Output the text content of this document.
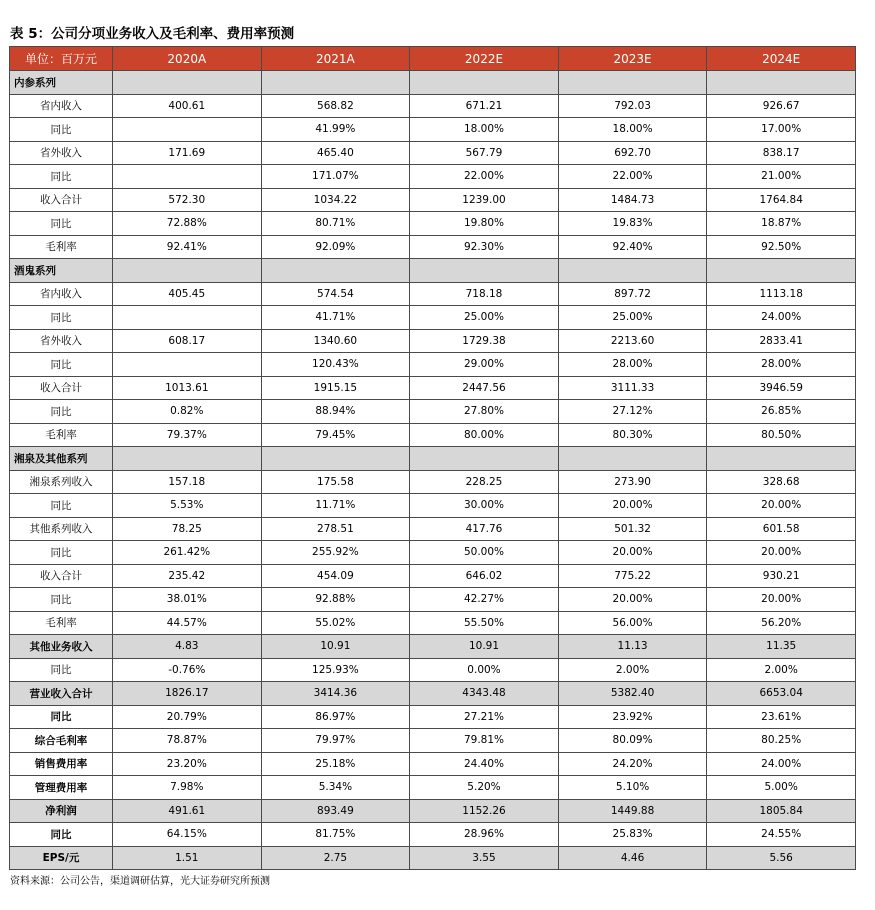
表 5：公司分项业务收入及毛利率、费用率预测
单位：百万元	2020A	2021A	2022E	2023E	2024E
内参系列					
省内收入	400.61	568.82	671.21	792.03	926.67
同比		41.99%	18.00%	18.00%	17.00%
省外收入	171.69	465.40	567.79	692.70	838.17
同比		171.07%	22.00%	22.00%	21.00%
收入合计	572.30	1034.22	1239.00	1484.73	1764.84
同比	72.88%	80.71%	19.80%	19.83%	18.87%
毛利率	92.41%	92.09%	92.30%	92.40%	92.50%
酒鬼系列					
省内收入	405.45	574.54	718.18	897.72	1113.18
同比		41.71%	25.00%	25.00%	24.00%
省外收入	608.17	1340.60	1729.38	2213.60	2833.41
同比		120.43%	29.00%	28.00%	28.00%
收入合计	1013.61	1915.15	2447.56	3111.33	3946.59
同比	0.82%	88.94%	27.80%	27.12%	26.85%
毛利率	79.37%	79.45%	80.00%	80.30%	80.50%
湘泉及其他系列					
湘泉系列收入	157.18	175.58	228.25	273.90	328.68
同比	5.53%	11.71%	30.00%	20.00%	20.00%
其他系列收入	78.25	278.51	417.76	501.32	601.58
同比	261.42%	255.92%	50.00%	20.00%	20.00%
收入合计	235.42	454.09	646.02	775.22	930.21
同比	38.01%	92.88%	42.27%	20.00%	20.00%
毛利率	44.57%	55.02%	55.50%	56.00%	56.20%
其他业务收入	4.83	10.91	10.91	11.13	11.35
同比	-0.76%	125.93%	0.00%	2.00%	2.00%
营业收入合计	1826.17	3414.36	4343.48	5382.40	6653.04
同比	20.79%	86.97%	27.21%	23.92%	23.61%
综合毛利率	78.87%	79.97%	79.81%	80.09%	80.25%
销售费用率	23.20%	25.18%	24.40%	24.20%	24.00%
管理费用率	7.98%	5.34%	5.20%	5.10%	5.00%
净利润	491.61	893.49	1152.26	1449.88	1805.84
同比	64.15%	81.75%	28.96%	25.83%	24.55%
EPS/元	1.51	2.75	3.55	4.46	5.56
资料来源：公司公告，渠道调研估算，光大证券研究所预测
